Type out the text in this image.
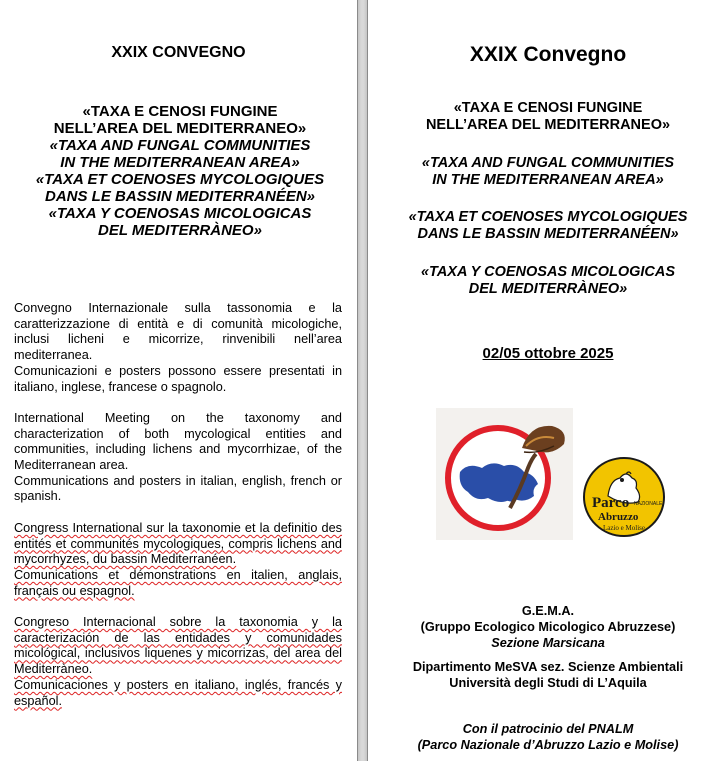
XXIX CONVEGNO
«TAXA E CENOSI FUNGINE
NELL’AREA DEL MEDITERRANEO»
«TAXA AND FUNGAL COMMUNITIES
IN THE MEDITERRANEAN AREA»
«TAXA ET COENOSES MYCOLOGIQUES
DANS LE BASSIN MEDITERRANÉEN»
«TAXA Y COENOSAS MICOLOGICAS
DEL MEDITERRÀNEO»

Convegno Internazionale sulla tassonomia e la caratterizzazione di entità e di comunità micologiche, inclusi licheni e micorrize, rinvenibili nell’area mediterranea.

Comunicazioni e posters possono essere presentati in italiano, inglese, francese o spagnolo.

International Meeting on the taxonomy and characterization of both mycological entities and communities, including lichens and mycorrhizae, of the Mediterranean area.

Communications and posters in italian, english, french or spanish.

Congress International sur la taxonomie et la definitio des entités et communités mycologiques, compris lichens and mycorrhyzes, du bassin Mediterranéen.

Comunications et démonstrations en italien, anglais, français ou espagnol.

Congreso Internacional sobre la taxonomia y la caracterización de las entidades y comunidades micológical, inclusivos liquenes y micorrizas, del area del Mediterràneo.

Comunicaciones y posters en italiano, inglés, francés y español.

XXIX Convegno
«TAXA E CENOSI FUNGINE
NELL’AREA DEL MEDITERRANEO»
«TAXA AND FUNGAL COMMUNITIES
IN THE MEDITERRANEAN AREA»
«TAXA ET COENOSES MYCOLOGIQUES
DANS LE BASSIN MEDITERRANÉEN»
«TAXA Y COENOSAS MICOLOGICAS
DEL MEDITERRÀNEO»
02/05 ottobre 2025
Parco
Abruzzo
NAZIONALE
Lazio e Molise
G.E.M.A.
(Gruppo Ecologico Micologico Abruzzese)
Sezione Marsicana
Dipartimento MeSVA sez. Scienze Ambientali
Università degli Studi di L’Aquila
Con il patrocinio del PNALM
(Parco Nazionale d’Abruzzo Lazio e Molise)
